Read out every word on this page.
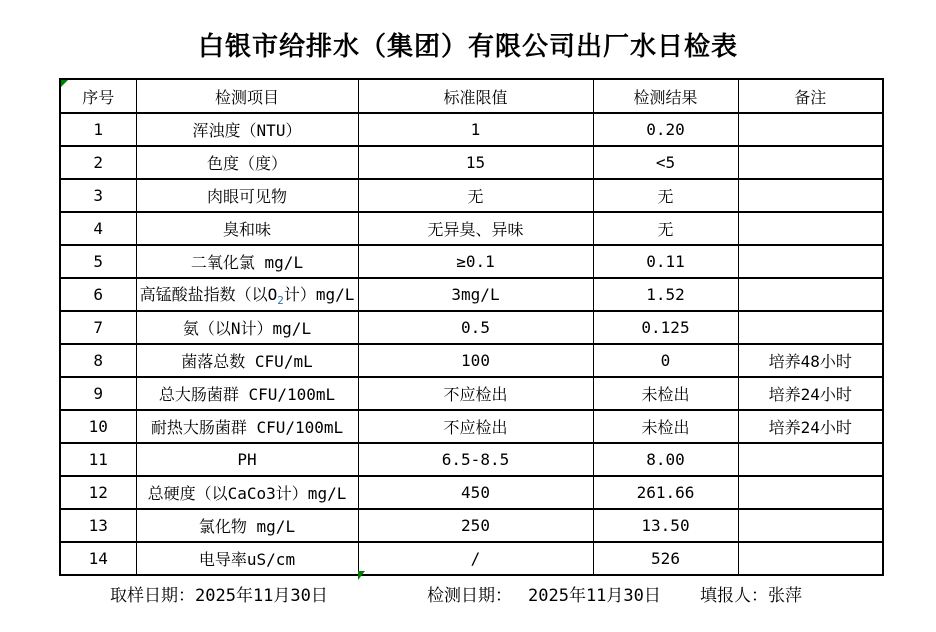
白银市给排水（集团）有限公司出厂水日检表
序号	检测项目	标准限值	检测结果	备注
1	浑浊度（NTU）	1	0.20	
2	色度（度）	15	<5	
3	肉眼可见物	无	无	
4	臭和味	无异臭、异味	无	
5	二氧化氯 mg/L	≥0.1	0.11	
6	高锰酸盐指数（以$O_2$计）mg/L	3mg/L	1.52	
7	氨（以N计）mg/L	0.5	0.125	
8	菌落总数 CFU/mL	100	0	培养48小时
9	总大肠菌群 CFU/100mL	不应检出	未检出	培养24小时
10	耐热大肠菌群 CFU/100mL	不应检出	未检出	培养24小时
11	PH	6.5-8.5	8.00	
12	总硬度（以CaCo3计）mg/L	450	261.66	
13	氯化物 mg/L	250	13.50	
14	电导率uS/cm	/	526	
取样日期：2025年11月30日	检测日期： 2025年11月30日 填报人：张萍
